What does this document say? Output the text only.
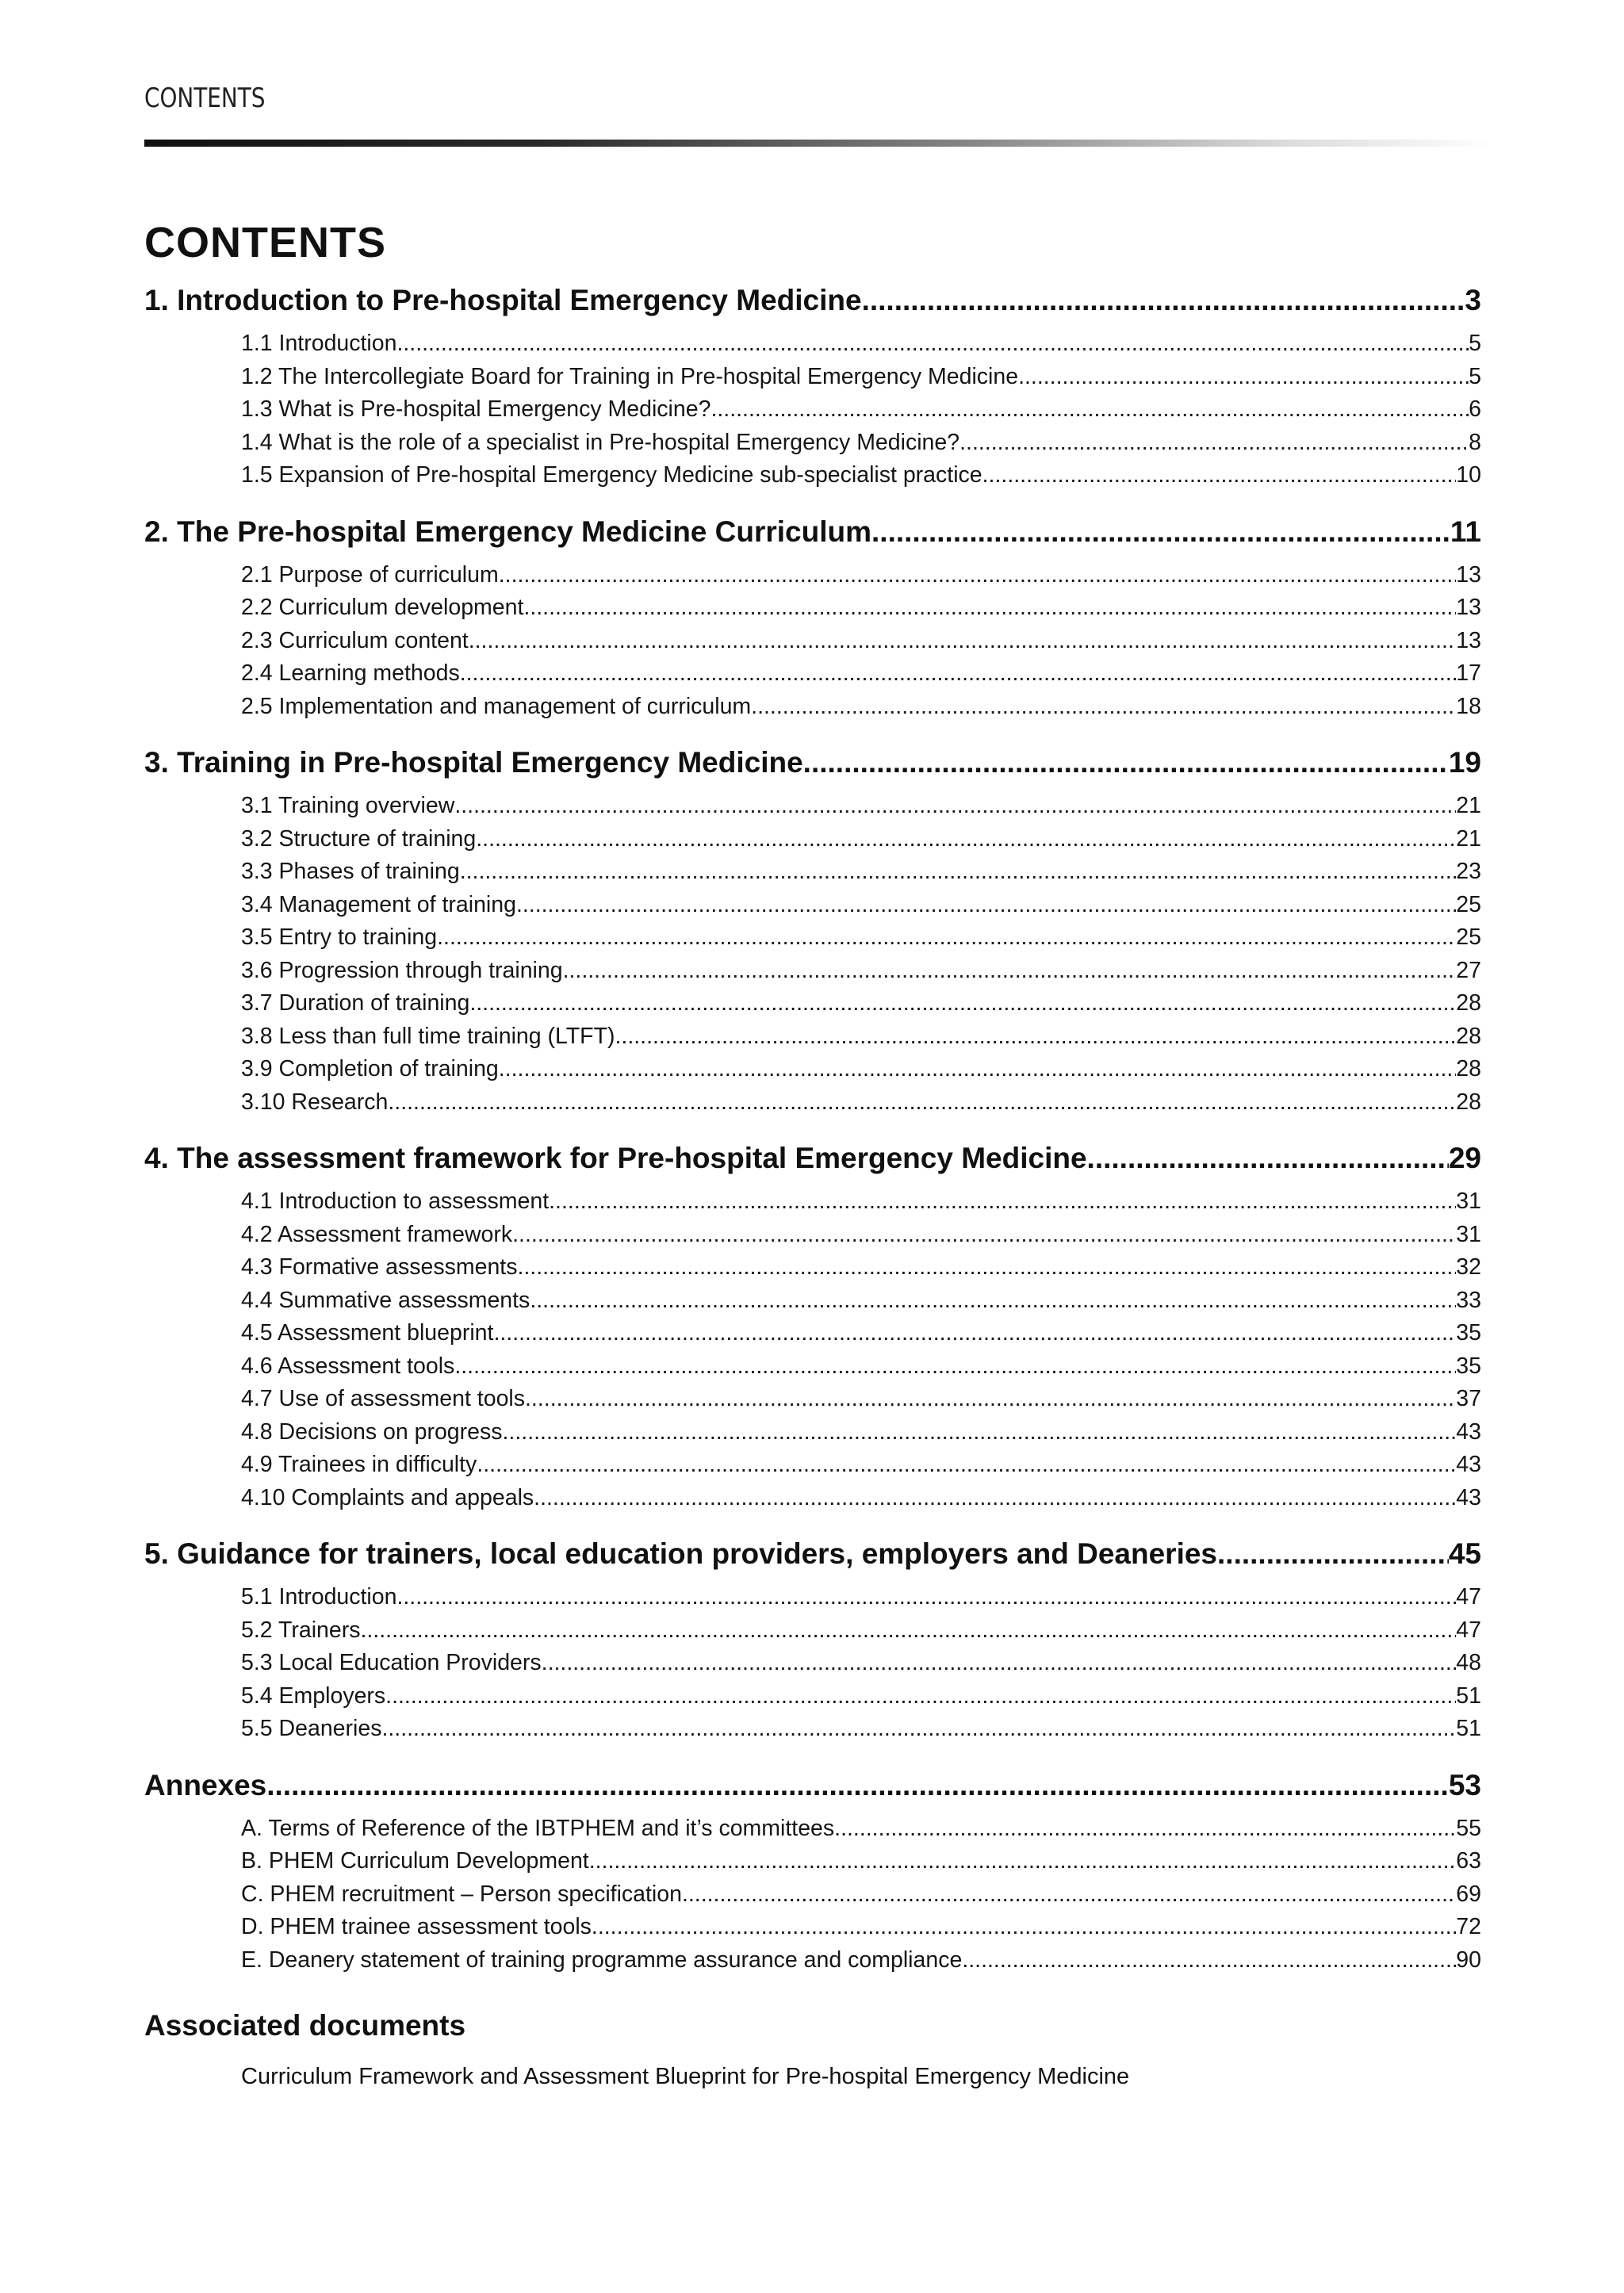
CONTENTS
CONTENTS
1. Introduction to Pre-hospital Emergency Medicine .....	3
1.1 Introduction .....	5
1.2 The Intercollegiate Board for Training in Pre-hospital Emergency Medicine .....	5
1.3 What is Pre-hospital Emergency Medicine? .....	6
1.4 What is the role of a specialist in Pre-hospital Emergency Medicine? .....	8
1.5 Expansion of Pre-hospital Emergency Medicine sub-specialist practice .....	10
2. The Pre-hospital Emergency Medicine Curriculum .....	11
2.1 Purpose of curriculum .....	13
2.2 Curriculum development .....	13
2.3 Curriculum content .....	13
2.4 Learning methods .....	17
2.5 Implementation and management of curriculum .....	18
3. Training in Pre-hospital Emergency Medicine .....	19
3.1 Training overview .....	21
3.2 Structure of training .....	21
3.3 Phases of training .....	23
3.4 Management of training .....	25
3.5 Entry to training .....	25
3.6 Progression through training .....	27
3.7 Duration of training .....	28
3.8 Less than full time training (LTFT) .....	28
3.9 Completion of training .....	28
3.10 Research .....	28
4. The assessment framework for Pre-hospital Emergency Medicine .....	29
4.1 Introduction to assessment .....	31
4.2 Assessment framework .....	31
4.3 Formative assessments .....	32
4.4 Summative assessments .....	33
4.5 Assessment blueprint .....	35
4.6 Assessment tools .....	35
4.7 Use of assessment tools .....	37
4.8 Decisions on progress .....	43
4.9 Trainees in difficulty .....	43
4.10 Complaints and appeals .....	43
5. Guidance for trainers, local education providers, employers and Deaneries .....	45
5.1 Introduction .....	47
5.2 Trainers .....	47
5.3 Local Education Providers .....	48
5.4 Employers .....	51
5.5 Deaneries .....	51
Annexes .....	53
A. Terms of Reference of the IBTPHEM and it’s committees .....	55
B. PHEM Curriculum Development .....	63
C. PHEM recruitment – Person specification .....	69
D. PHEM trainee assessment tools .....	72
E. Deanery statement of training programme assurance and compliance .....	90
Associated documents
Curriculum Framework and Assessment Blueprint for Pre-hospital Emergency Medicine
